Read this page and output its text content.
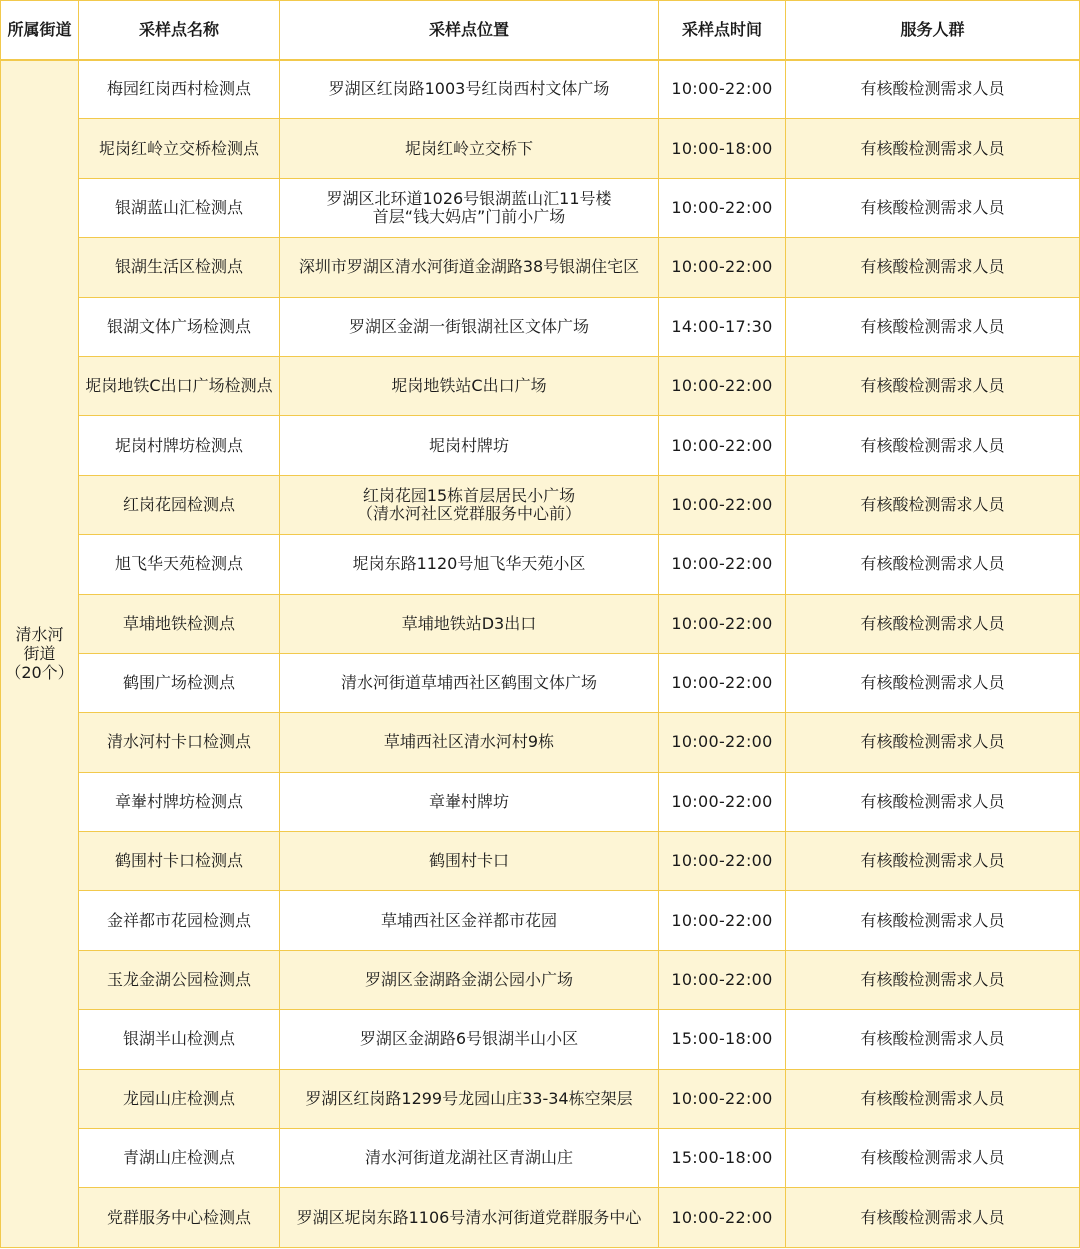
所属街道	采样点名称	采样点位置	采样点时间	服务人群
清水河
街道
（20个）	梅园红岗西村检测点	罗湖区红岗路1003号红岗西村文体广场	10:00-22:00	有核酸检测需求人员
	坭岗红岭立交桥检测点	坭岗红岭立交桥下	10:00-18:00	有核酸检测需求人员
	银湖蓝山汇检测点	罗湖区北环道1026号银湖蓝山汇11号楼
首层“钱大妈店”门前小广场	10:00-22:00	有核酸检测需求人员
	银湖生活区检测点	深圳市罗湖区清水河街道金湖路38号银湖住宅区	10:00-22:00	有核酸检测需求人员
	银湖文体广场检测点	罗湖区金湖一街银湖社区文体广场	14:00-17:30	有核酸检测需求人员
	坭岗地铁C出口广场检测点	坭岗地铁站C出口广场	10:00-22:00	有核酸检测需求人员
	坭岗村牌坊检测点	坭岗村牌坊	10:00-22:00	有核酸检测需求人员
	红岗花园检测点	红岗花园15栋首层居民小广场
（清水河社区党群服务中心前）	10:00-22:00	有核酸检测需求人员
	旭飞华天苑检测点	坭岗东路1120号旭飞华天苑小区	10:00-22:00	有核酸检测需求人员
	草埔地铁检测点	草埔地铁站D3出口	10:00-22:00	有核酸检测需求人员
	鹤围广场检测点	清水河街道草埔西社区鹤围文体广场	10:00-22:00	有核酸检测需求人员
	清水河村卡口检测点	草埔西社区清水河村9栋	10:00-22:00	有核酸检测需求人员
	章輋村牌坊检测点	章輋村牌坊	10:00-22:00	有核酸检测需求人员
	鹤围村卡口检测点	鹤围村卡口	10:00-22:00	有核酸检测需求人员
	金祥都市花园检测点	草埔西社区金祥都市花园	10:00-22:00	有核酸检测需求人员
	玉龙金湖公园检测点	罗湖区金湖路金湖公园小广场	10:00-22:00	有核酸检测需求人员
	银湖半山检测点	罗湖区金湖路6号银湖半山小区	15:00-18:00	有核酸检测需求人员
	龙园山庄检测点	罗湖区红岗路1299号龙园山庄33-34栋空架层	10:00-22:00	有核酸检测需求人员
	青湖山庄检测点	清水河街道龙湖社区青湖山庄	15:00-18:00	有核酸检测需求人员
	党群服务中心检测点	罗湖区坭岗东路1106号清水河街道党群服务中心	10:00-22:00	有核酸检测需求人员
